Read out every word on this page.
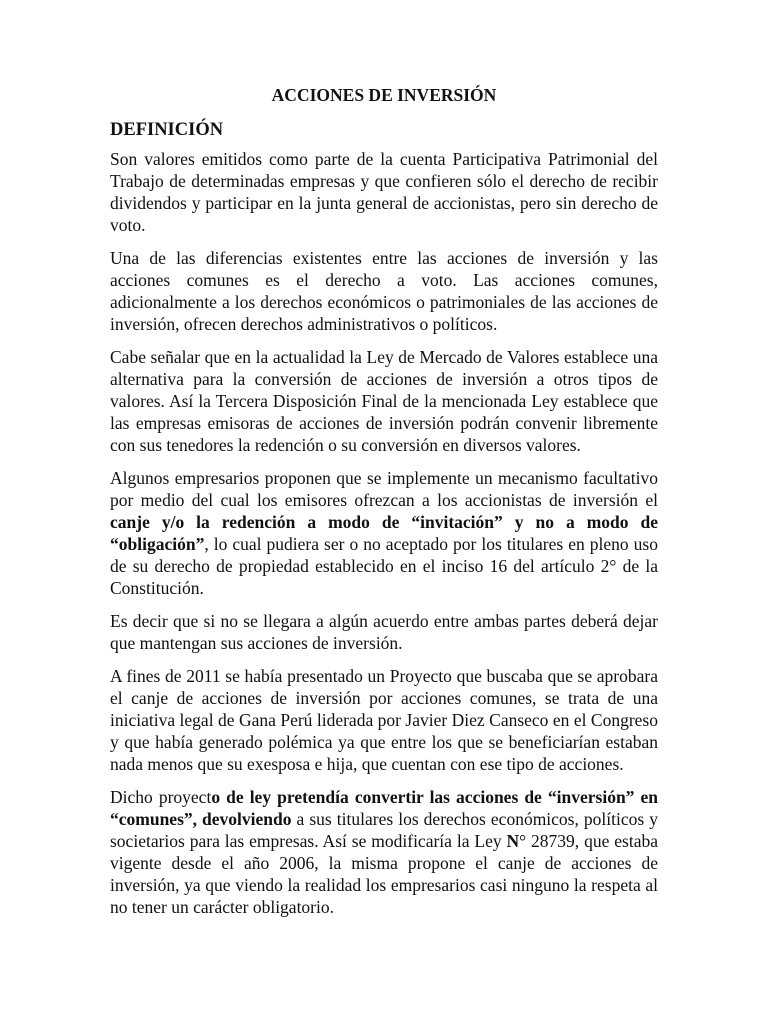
ACCIONES DE INVERSIÓN
DEFINICIÓN

Son valores emitidos como parte de la cuenta Participativa Patrimonial del Trabajo de determinadas empresas y que confieren sólo el derecho de recibir dividendos y participar en la junta general de accionistas, pero sin derecho de voto.

Una de las diferencias existentes entre las acciones de inversión y las acciones comunes es el derecho a voto. Las acciones comunes, adicionalmente a los derechos económicos o patrimoniales de las acciones de inversión, ofrecen derechos administrativos o políticos.

Cabe señalar que en la actualidad la Ley de Mercado de Valores establece una alternativa para la conversión de acciones de inversión a otros tipos de valores. Así la Tercera Disposición Final de la mencionada Ley establece que las empresas emisoras de acciones de inversión podrán convenir libremente con sus tenedores la redención o su conversión en diversos valores.

Algunos empresarios proponen que se implemente un mecanismo facultativo por medio del cual los emisores ofrezcan a los accionistas de inversión el canje y/o la redención a modo de “invitación” y no a modo de “obligación”, lo cual pudiera ser o no aceptado por los titulares en pleno uso de su derecho de propiedad establecido en el inciso 16 del artículo 2° de la Constitución.

Es decir que si no se llegara a algún acuerdo entre ambas partes deberá dejar que mantengan sus acciones de inversión.

A fines de 2011 se había presentado un Proyecto que buscaba que se aprobara el canje de acciones de inversión por acciones comunes, se trata de una iniciativa legal de Gana Perú liderada por Javier Diez Canseco en el Congreso y que había generado polémica ya que entre los que se beneficiarían estaban nada menos que su exesposa e hija, que cuentan con ese tipo de acciones.

Dicho proyecto de ley pretendía convertir las acciones de “inversión” en “comunes”, devolviendo a sus titulares los derechos económicos, políticos y societarios para las empresas. Así se modificaría la Ley N° 28739, que estaba vigente desde el año 2006, la misma propone el canje de acciones de inversión, ya que viendo la realidad los empresarios casi ninguno la respeta al no tener un carácter obligatorio.
